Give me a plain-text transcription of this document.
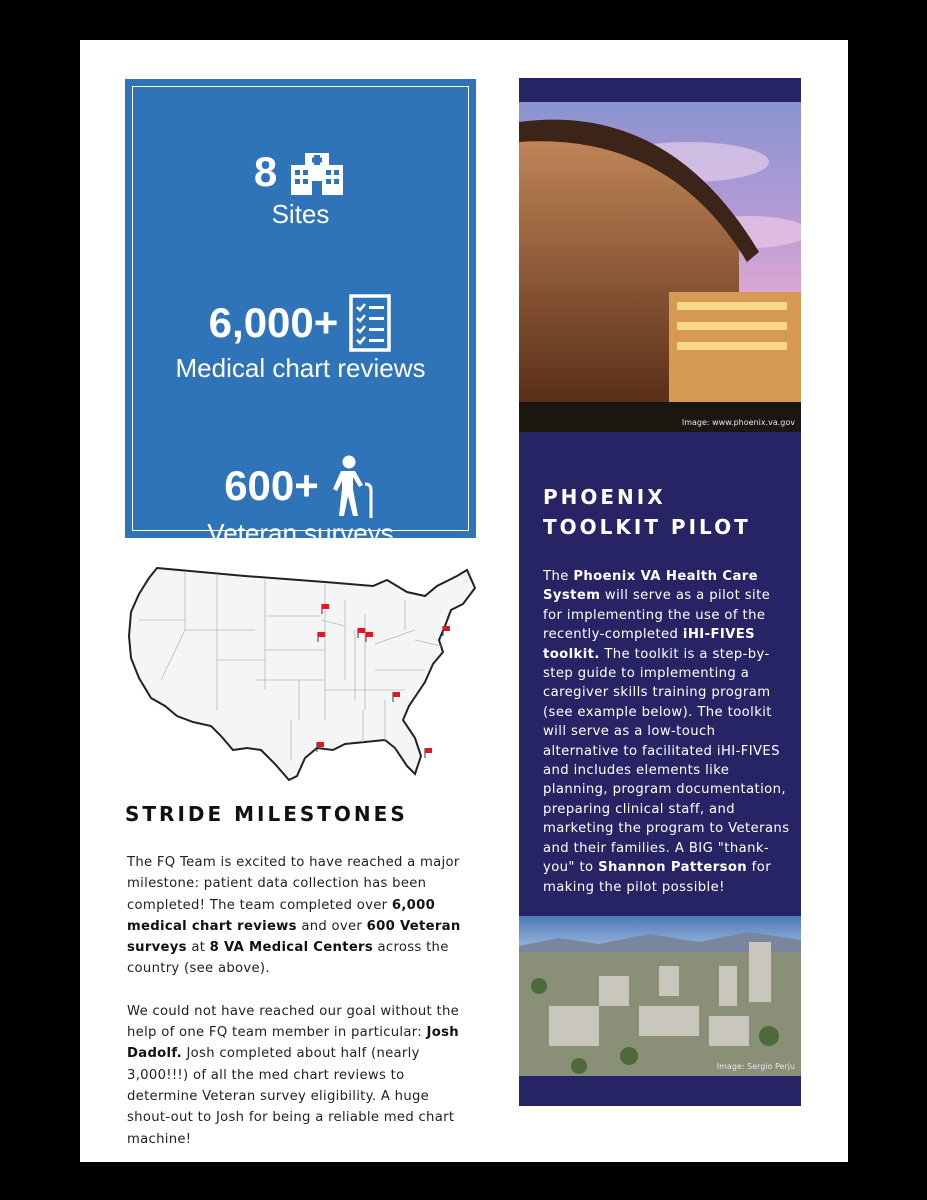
8
Sites
6,000+
Medical chart reviews
600+
Veteran surveys
STRIDE MILESTONES

The FQ Team is excited to have reached a major milestone: patient data collection has been completed! The team completed over 6,000 medical chart reviews and over 600 Veteran surveys at 8 VA Medical Centers across the country (see above).

We could not have reached our goal without the help of one FQ team member in particular: Josh Dadolf. Josh completed about half (nearly 3,000!!!) of all the med chart reviews to determine Veteran survey eligibility. A huge shout-out to Josh for being a reliable med chart machine!

Image: www.phoenix.va.gov
PHOENIX
TOOLKIT PILOT
The Phoenix VA Health Care System will serve as a pilot site for implementing the use of the recently-completed iHI-FIVES toolkit. The toolkit is a step-by-step guide to implementing a caregiver skills training program (see example below). The toolkit will serve as a low-touch alternative to facilitated iHI-FIVES and includes elements like planning, program documentation, preparing clinical staff, and marketing the program to Veterans and their families. A BIG "thank-you" to Shannon Patterson for making the pilot possible!
Image: Sergio Perju
